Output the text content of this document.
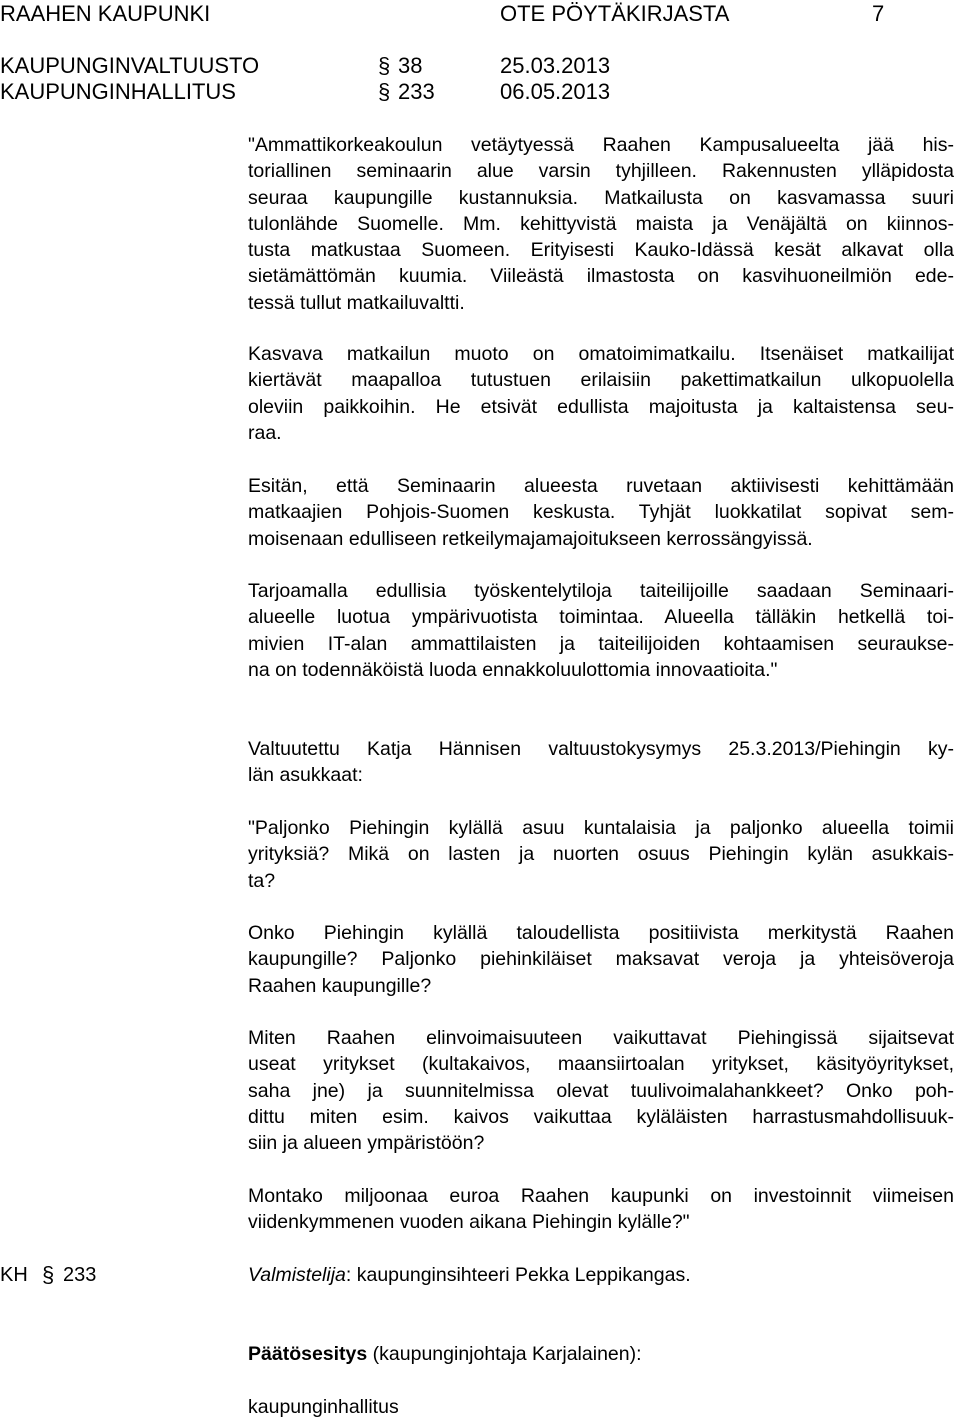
RAAHEN KAUPUNKI	OTE PÖYTÄKIRJASTA	7
KAUPUNGINVALTUUSTO	§ 38	25.03.2013
KAUPUNGINHALLITUS	§ 233	06.05.2013
"Ammattikorkeakoulun vetäytyessä Raahen Kampusalueelta jää his-
toriallinen seminaarin alue varsin tyhjilleen. Rakennusten ylläpidosta
seuraa kaupungille kustannuksia. Matkailusta on kasvamassa suuri
tulonlähde Suomelle. Mm. kehittyvistä maista ja Venäjältä on kiinnos-
tusta matkustaa Suomeen. Erityisesti Kauko-Idässä kesät alkavat olla
sietämättömän kuumia. Viileästä ilmastosta on kasvihuoneilmiön ede-
tessä tullut matkailuvaltti.
Kasvava matkailun muoto on omatoimimatkailu. Itsenäiset matkailijat
kiertävät maapalloa tutustuen erilaisiin pakettimatkailun ulkopuolella
oleviin paikkoihin. He etsivät edullista majoitusta ja kaltaistensa seu-
raa.
Esitän, että Seminaarin alueesta ruvetaan aktiivisesti kehittämään
matkaajien Pohjois-Suomen keskusta. Tyhjät luokkatilat sopivat sem-
moisenaan edulliseen retkeilymajamajoitukseen kerrossängyissä.
Tarjoamalla edullisia työskentelytiloja taiteilijoille saadaan Seminaari-
alueelle luotua ympärivuotista toimintaa. Alueella tälläkin hetkellä toi-
mivien IT-alan ammattilaisten ja taiteilijoiden kohtaamisen seurauksе-
na on todennäköistä luoda ennakkoluulottomia innovaatioita."
Valtuutettu Katja Hännisen valtuustokysymys 25.3.2013/Piehingin ky-
län asukkaat:
"Paljonko Piehingin kylällä asuu kuntalaisia ja paljonko alueella toimii
yrityksiä? Mikä on lasten ja nuorten osuus Piehingin kylän asukkais-
ta?
Onko Piehingin kylällä taloudellista positiivista merkitystä Raahen
kaupungille? Paljonko piehinkiläiset maksavat veroja ja yhteisöveroja
Raahen kaupungille?
Miten Raahen elinvoimaisuuteen vaikuttavat Piehingissä sijaitsevat
useat yritykset (kultakaivos, maansiirtoalan yritykset, käsityöyritykset,
saha jne) ja suunnitelmissa olevat tuulivoimalahankkeet? Onko poh-
dittu miten esim. kaivos vaikuttaa kyläläisten harrastusmahdollisuuk-
siin ja alueen ympäristöön?
Montako miljoonaa euroa Raahen kaupunki on investoinnit viimeisen
viidenkymmenen vuoden aikana Piehingin kylälle?"
KH § 233	Valmistelija: kaupunginsihteeri Pekka Leppikangas.
Päätösesitys (kaupunginjohtaja Karjalainen):
kaupunginhallitus
